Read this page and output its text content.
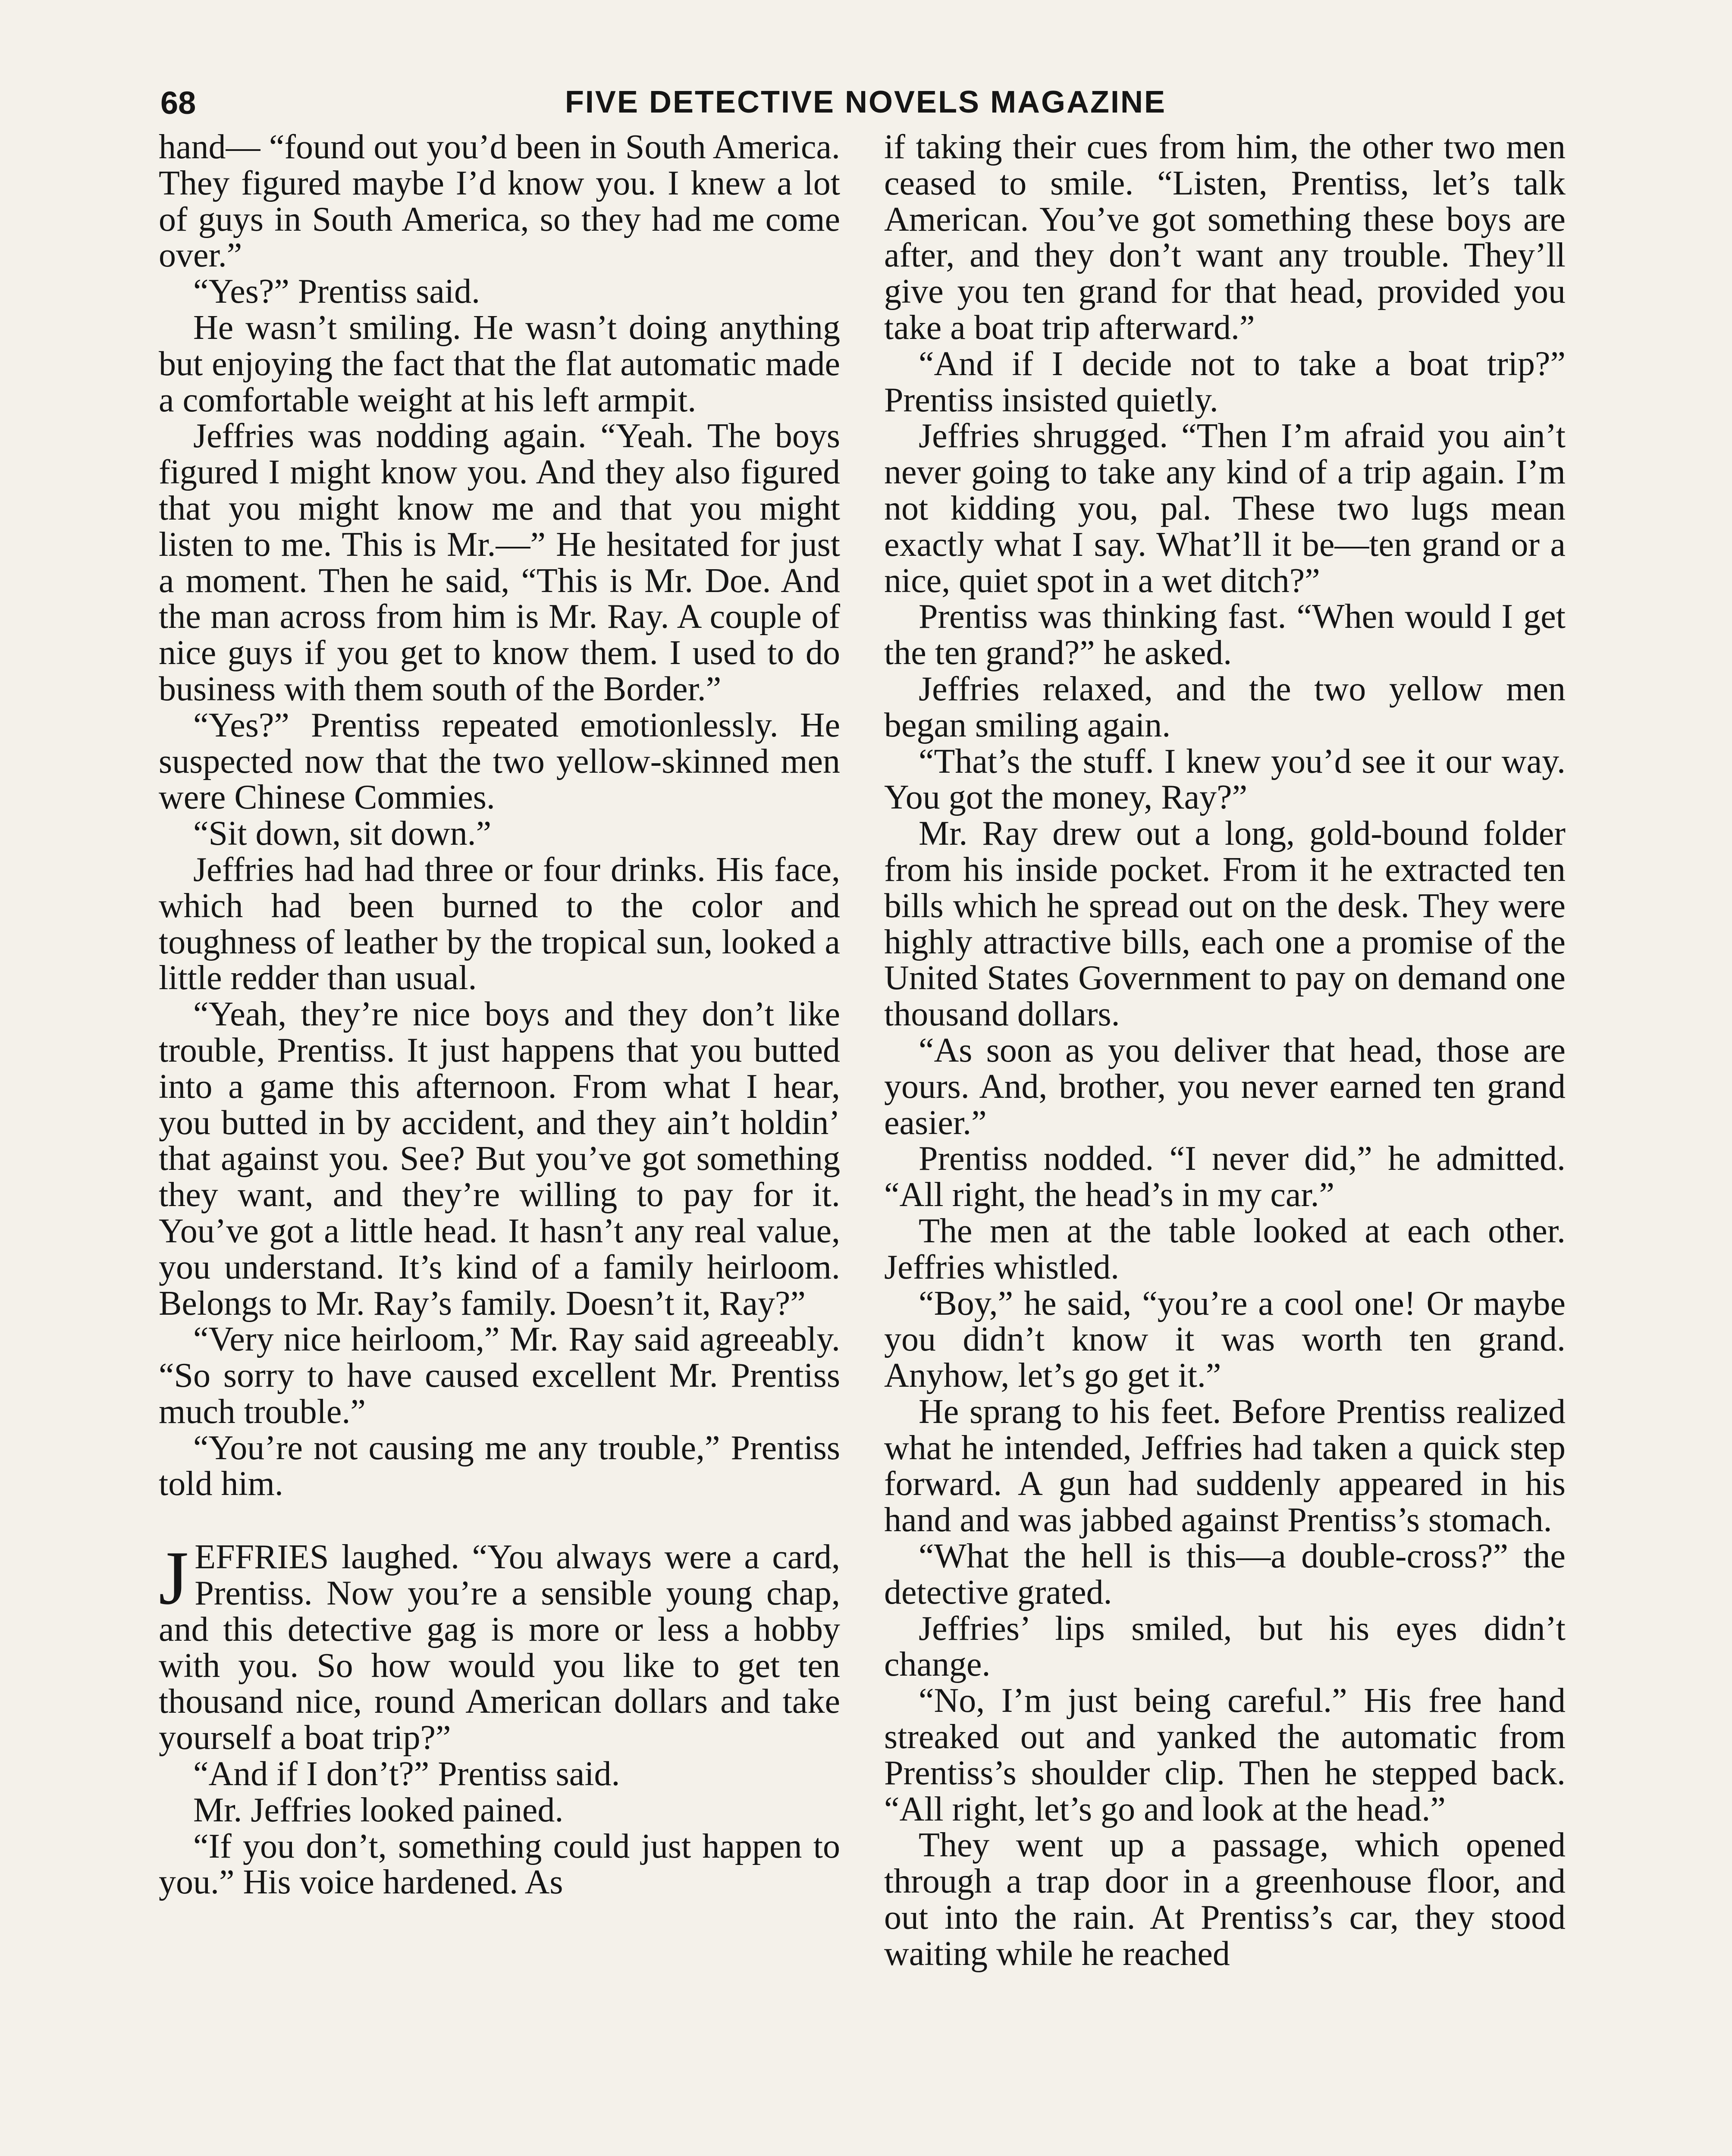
68	FIVE DETECTIVE NOVELS MAGAZINE

hand— “found out you’d been in South America. They figured maybe I’d know you. I knew a lot of guys in South America, so they had me come over.”

“Yes?” Prentiss said.

He wasn’t smiling. He wasn’t doing anything but enjoying the fact that the flat automatic made a comfortable weight at his left armpit.

Jeffries was nodding again. “Yeah. The boys figured I might know you. And they also figured that you might know me and that you might listen to me. This is Mr.—” He hesitated for just a moment. Then he said, “This is Mr. Doe. And the man across from him is Mr. Ray. A couple of nice guys if you get to know them. I used to do business with them south of the Border.”

“Yes?” Prentiss repeated emotionlessly. He suspected now that the two yellow-skinned men were Chinese Commies.

“Sit down, sit down.”

Jeffries had had three or four drinks. His face, which had been burned to the color and toughness of leather by the tropical sun, looked a little redder than usual.

“Yeah, they’re nice boys and they don’t like trouble, Prentiss. It just happens that you butted into a game this afternoon. From what I hear, you butted in by accident, and they ain’t holdin’ that against you. See? But you’ve got something they want, and they’re willing to pay for it. You’ve got a little head. It hasn’t any real value, you understand. It’s kind of a family heirloom. Belongs to Mr. Ray’s family. Doesn’t it, Ray?”

“Very nice heirloom,” Mr. Ray said agreeably. “So sorry to have caused excellent Mr. Prentiss much trouble.”

“You’re not causing me any trouble,” Prentiss told him.

JEFFRIES laughed. “You always were a card, Prentiss. Now you’re a sensible young chap, and this detective gag is more or less a hobby with you. So how would you like to get ten thousand nice, round American dollars and take yourself a boat trip?”

“And if I don’t?” Prentiss said.

Mr. Jeffries looked pained.

“If you don’t, something could just happen to you.” His voice hardened. As

if taking their cues from him, the other two men ceased to smile. “Listen, Prentiss, let’s talk American. You’ve got something these boys are after, and they don’t want any trouble. They’ll give you ten grand for that head, provided you take a boat trip afterward.”

“And if I decide not to take a boat trip?” Prentiss insisted quietly.

Jeffries shrugged. “Then I’m afraid you ain’t never going to take any kind of a trip again. I’m not kidding you, pal. These two lugs mean exactly what I say. What’ll it be—ten grand or a nice, quiet spot in a wet ditch?”

Prentiss was thinking fast. “When would I get the ten grand?” he asked.

Jeffries relaxed, and the two yellow men began smiling again.

“That’s the stuff. I knew you’d see it our way. You got the money, Ray?”

Mr. Ray drew out a long, gold-bound folder from his inside pocket. From it he extracted ten bills which he spread out on the desk. They were highly attractive bills, each one a promise of the United States Government to pay on demand one thousand dollars.

“As soon as you deliver that head, those are yours. And, brother, you never earned ten grand easier.”

Prentiss nodded. “I never did,” he admitted. “All right, the head’s in my car.”

The men at the table looked at each other. Jeffries whistled.

“Boy,” he said, “you’re a cool one! Or maybe you didn’t know it was worth ten grand. Anyhow, let’s go get it.”

He sprang to his feet. Before Prentiss realized what he intended, Jeffries had taken a quick step forward. A gun had suddenly appeared in his hand and was jabbed against Prentiss’s stomach.

“What the hell is this—a double-cross?” the detective grated.

Jeffries’ lips smiled, but his eyes didn’t change.

“No, I’m just being careful.” His free hand streaked out and yanked the automatic from Prentiss’s shoulder clip. Then he stepped back. “All right, let’s go and look at the head.”

They went up a passage, which opened through a trap door in a greenhouse floor, and out into the rain. At Prentiss’s car, they stood waiting while he reached
